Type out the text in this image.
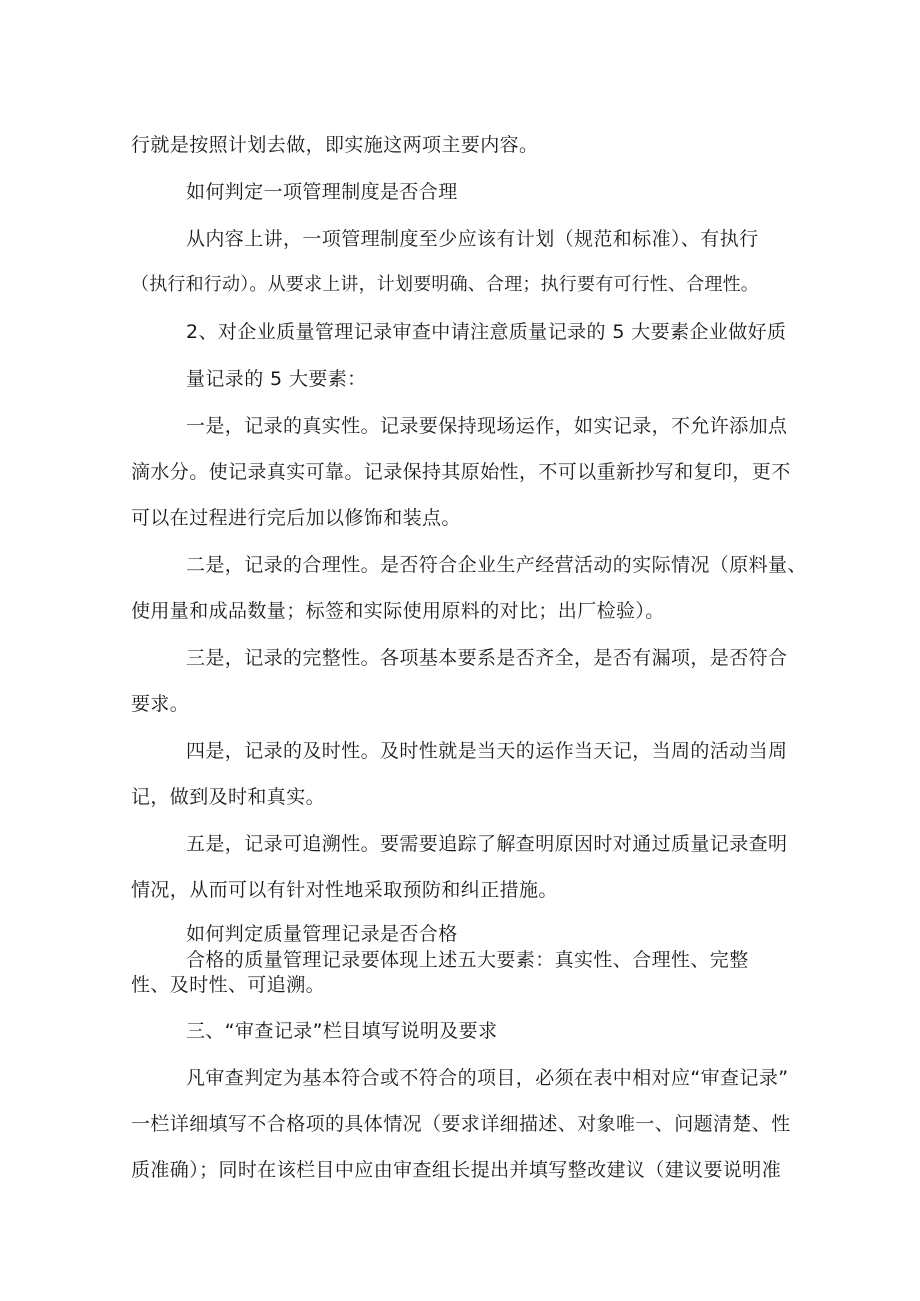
行就是按照计划去做，即实施这两项主要内容。
如何判定一项管理制度是否合理
从内容上讲，一项管理制度至少应该有计划（规范和标准）、有执行
（执行和行动）。从要求上讲，计划要明确、合理；执行要有可行性、合理性。
2、对企业质量管理记录审查中请注意质量记录的 5 大要素企业做好质
量记录的 5 大要素：
一是，记录的真实性。记录要保持现场运作，如实记录，不允许添加点
滴水分。使记录真实可靠。记录保持其原始性，不可以重新抄写和复印，更不
可以在过程进行完后加以修饰和装点。
二是，记录的合理性。是否符合企业生产经营活动的实际情况（原料量、
使用量和成品数量；标签和实际使用原料的对比；出厂检验）。
三是，记录的完整性。各项基本要系是否齐全，是否有漏项，是否符合
要求。
四是，记录的及时性。及时性就是当天的运作当天记，当周的活动当周
记，做到及时和真实。
五是，记录可追溯性。要需要追踪了解查明原因时对通过质量记录查明
情况，从而可以有针对性地采取预防和纠正措施。
如何判定质量管理记录是否合格
合格的质量管理记录要体现上述五大要素：真实性、合理性、完整
性、及时性、可追溯。
三、“审查记录”栏目填写说明及要求
凡审查判定为基本符合或不符合的项目，必须在表中相对应“审查记录”
一栏详细填写不合格项的具体情况（要求详细描述、对象唯一、问题清楚、性
质准确）；同时在该栏目中应由审查组长提出并填写整改建议（建议要说明准
